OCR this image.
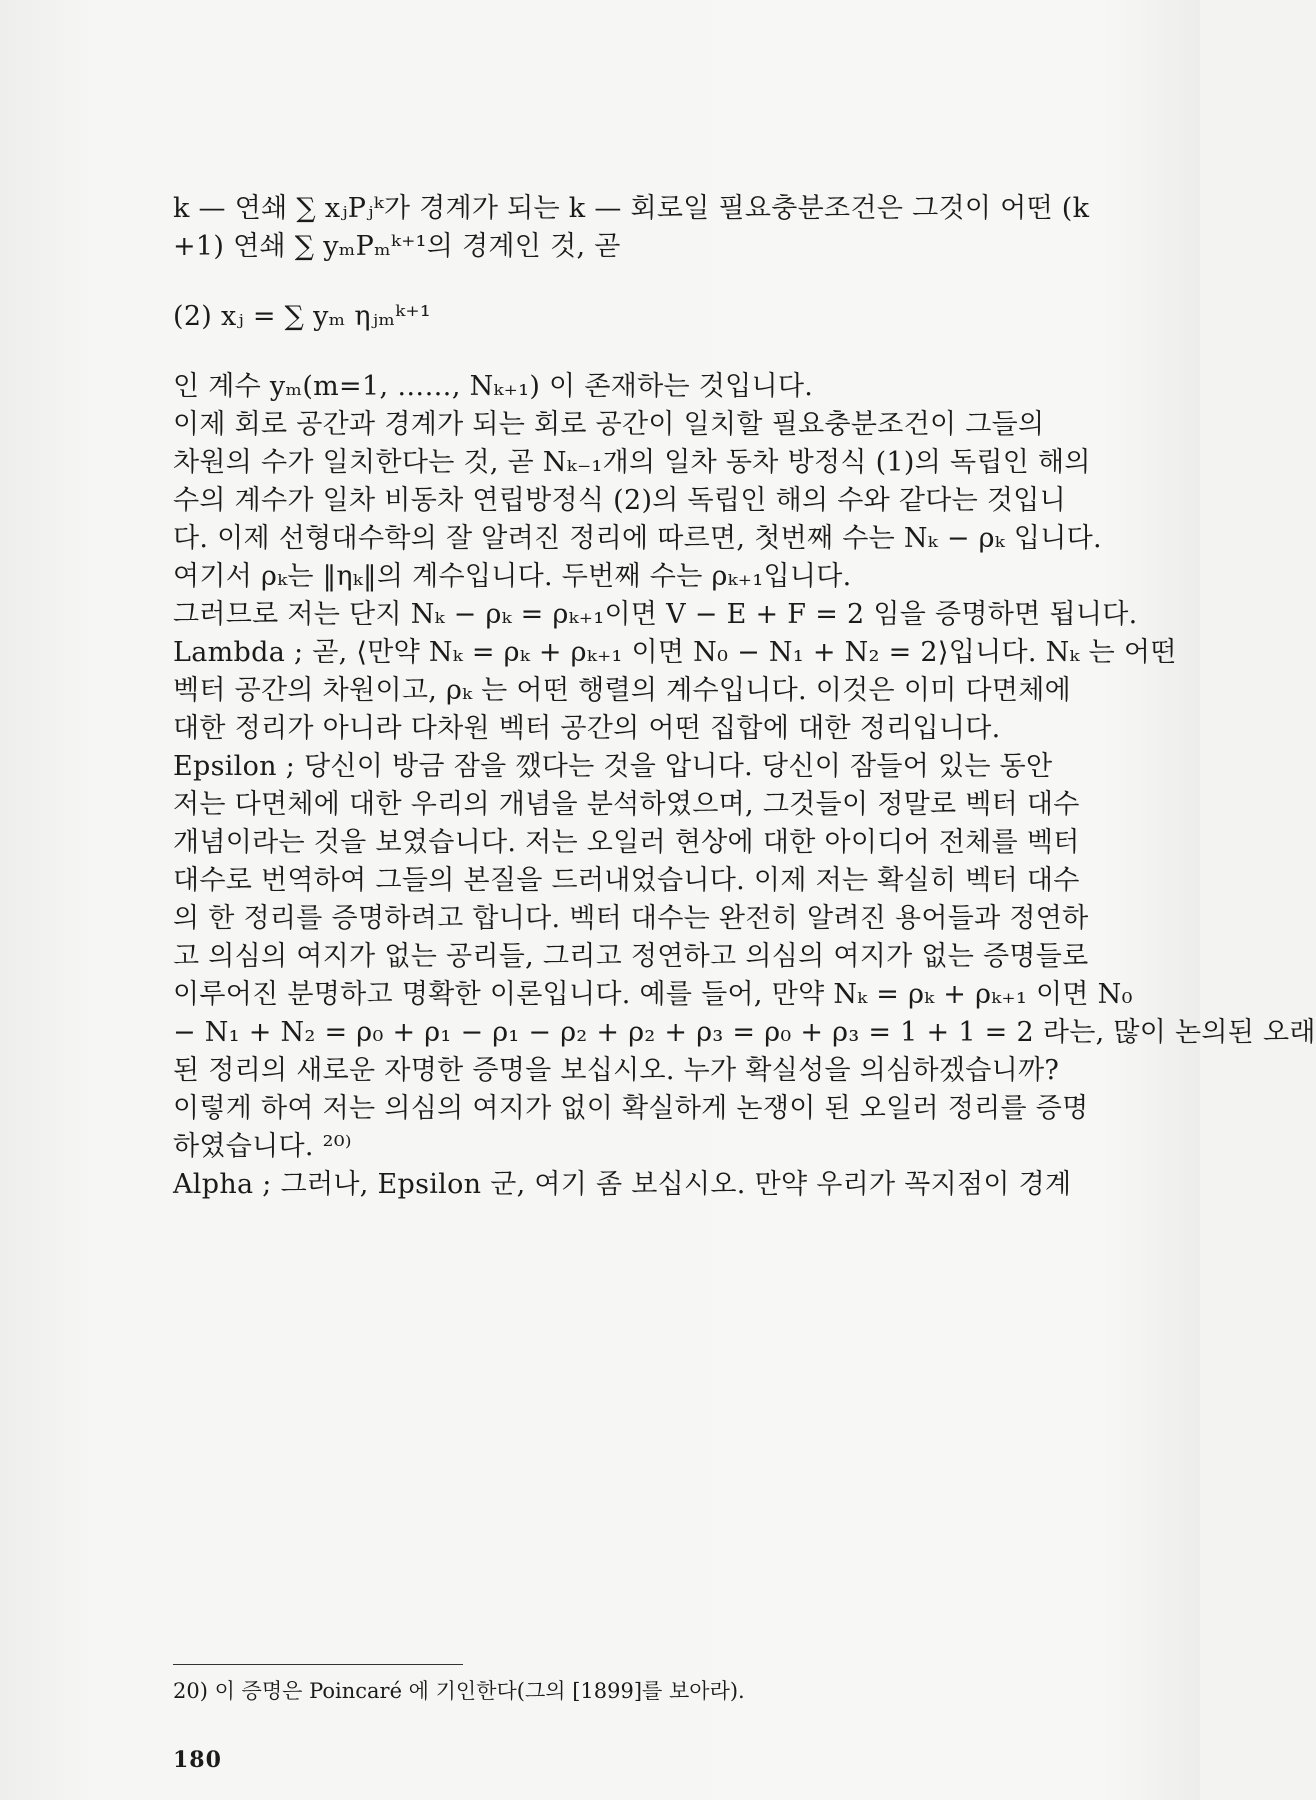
k — 연쇄 ∑ xⱼPⱼᵏ가 경계가 되는 k — 회로일 필요충분조건은 그것이 어떤 (k
+1) 연쇄 ∑ yₘPₘᵏ⁺¹의 경계인 것, 곧
(2) xⱼ = ∑ yₘ ηⱼₘᵏ⁺¹
인 계수 yₘ(m=1, ……, Nₖ₊₁) 이 존재하는 것입니다.
이제 회로 공간과 경계가 되는 회로 공간이 일치할 필요충분조건이 그들의
차원의 수가 일치한다는 것, 곧 Nₖ₋₁개의 일차 동차 방정식 (1)의 독립인 해의
수의 계수가 일차 비동차 연립방정식 (2)의 독립인 해의 수와 같다는 것입니
다. 이제 선형대수학의 잘 알려진 정리에 따르면, 첫번째 수는 Nₖ − ρₖ 입니다.
여기서 ρₖ는 ‖ηₖ‖의 계수입니다. 두번째 수는 ρₖ₊₁입니다.
그러므로 저는 단지 Nₖ − ρₖ = ρₖ₊₁이면 V − E + F = 2 임을 증명하면 됩니다.
Lambda ; 곧, ⟨만약 Nₖ = ρₖ + ρₖ₊₁ 이면 N₀ − N₁ + N₂ = 2⟩입니다. Nₖ 는 어떤
벡터 공간의 차원이고, ρₖ 는 어떤 행렬의 계수입니다. 이것은 이미 다면체에
대한 정리가 아니라 다차원 벡터 공간의 어떤 집합에 대한 정리입니다.
Epsilon ; 당신이 방금 잠을 깼다는 것을 압니다. 당신이 잠들어 있는 동안
저는 다면체에 대한 우리의 개념을 분석하였으며, 그것들이 정말로 벡터 대수
개념이라는 것을 보였습니다. 저는 오일러 현상에 대한 아이디어 전체를 벡터
대수로 번역하여 그들의 본질을 드러내었습니다. 이제 저는 확실히 벡터 대수
의 한 정리를 증명하려고 합니다. 벡터 대수는 완전히 알려진 용어들과 정연하
고 의심의 여지가 없는 공리들, 그리고 정연하고 의심의 여지가 없는 증명들로
이루어진 분명하고 명확한 이론입니다. 예를 들어, 만약 Nₖ = ρₖ + ρₖ₊₁ 이면 N₀
− N₁ + N₂ = ρ₀ + ρ₁ − ρ₁ − ρ₂ + ρ₂ + ρ₃ = ρ₀ + ρ₃ = 1 + 1 = 2 라는, 많이 논의된 오래
된 정리의 새로운 자명한 증명을 보십시오. 누가 확실성을 의심하겠습니까?
이렇게 하여 저는 의심의 여지가 없이 확실하게 논쟁이 된 오일러 정리를 증명
하였습니다. ²⁰⁾
Alpha ; 그러나, Epsilon 군, 여기 좀 보십시오. 만약 우리가 꼭지점이 경계
20) 이 증명은 Poincaré 에 기인한다(그의 [1899]를 보아라).
180
